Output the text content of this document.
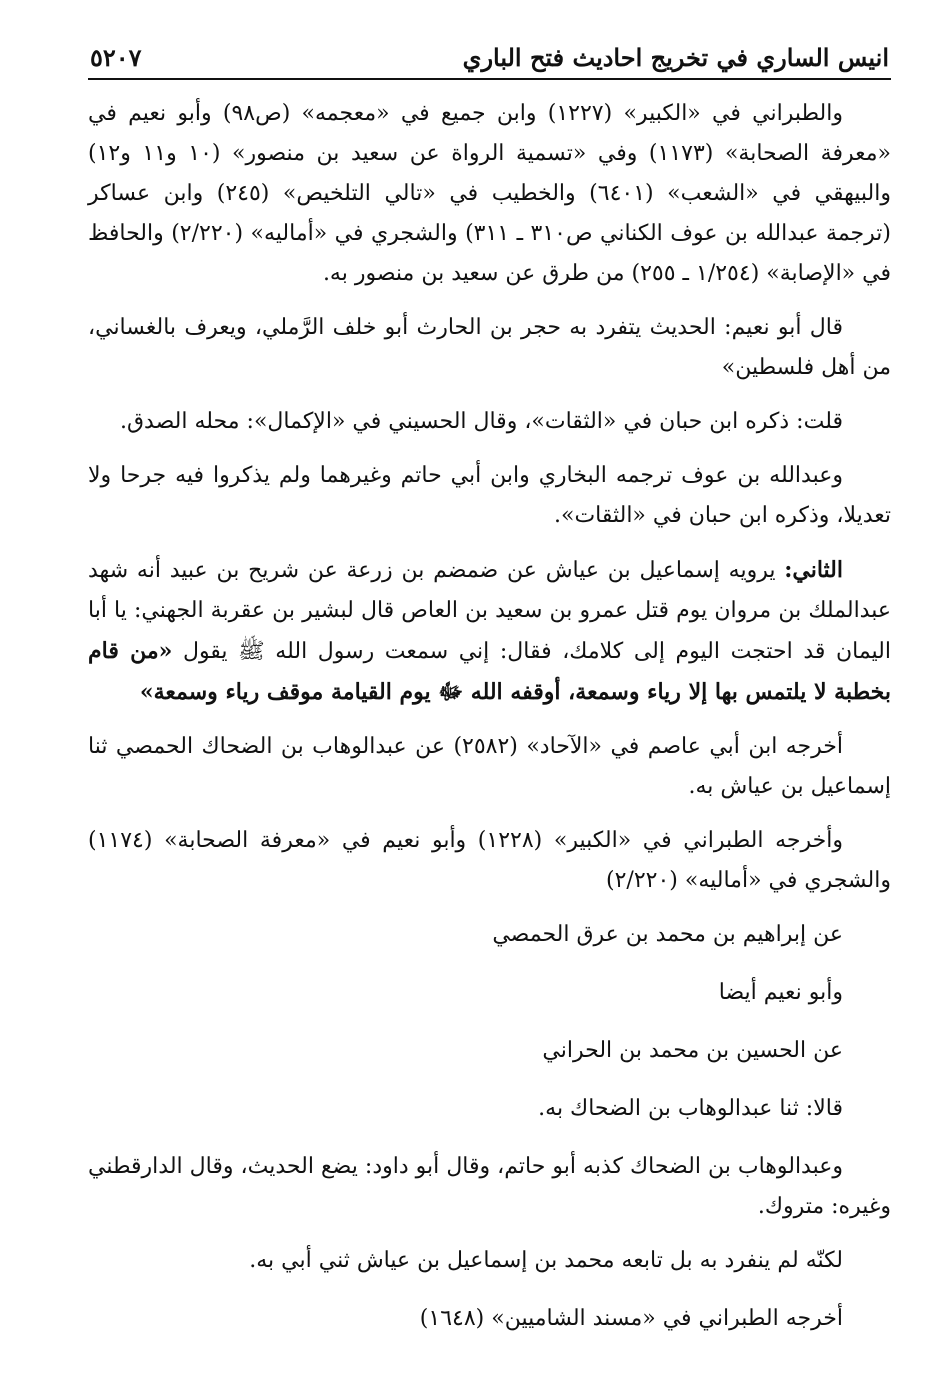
انيس الساري في تخريج احاديث فتح الباري
٥٢٠٧

والطبراني في «الكبير» (١٢٢٧) وابن جميع في «معجمه» (ص٩٨) وأبو نعيم في «معرفة الصحابة» (١١٧٣) وفي «تسمية الرواة عن سعيد بن منصور» (١٠ و١١ و١٢) والبيهقي في «الشعب» (٦٤٠١) والخطيب في «تالي التلخيص» (٢٤٥) وابن عساكر (ترجمة عبدالله بن عوف الكناني ص٣١٠ ـ ٣١١) والشجري في «أماليه» (٢/٢٢٠) والحافظ في «الإصابة» (١/٢٥٤ ـ ٢٥٥) من طرق عن سعيد بن منصور به.

قال أبو نعيم: الحديث يتفرد به حجر بن الحارث أبو خلف الرَّملي، ويعرف بالغساني، من أهل فلسطين»

قلت: ذكره ابن حبان في «الثقات»، وقال الحسيني في «الإكمال»: محله الصدق.

وعبدالله بن عوف ترجمه البخاري وابن أبي حاتم وغيرهما ولم يذكروا فيه جرحا ولا تعديلا، وذكره ابن حبان في «الثقات».

الثاني: يرويه إسماعيل بن عياش عن ضمضم بن زرعة عن شريح بن عبيد أنه شهد عبدالملك بن مروان يوم قتل عمرو بن سعيد بن العاص قال لبشير بن عقربة الجهني: يا أبا اليمان قد احتجت اليوم إلى كلامك، فقال: إني سمعت رسول الله ﷺ يقول «من قام بخطبة لا يلتمس بها إلا رياء وسمعة، أوقفه الله ﷻ يوم القيامة موقف رياء وسمعة»

أخرجه ابن أبي عاصم في «الآحاد» (٢٥٨٢) عن عبدالوهاب بن الضحاك الحمصي ثنا إسماعيل بن عياش به.

وأخرجه الطبراني في «الكبير» (١٢٢٨) وأبو نعيم في «معرفة الصحابة» (١١٧٤) والشجري في «أماليه» (٢/٢٢٠)

عن إبراهيم بن محمد بن عرق الحمصي

وأبو نعيم أيضا

عن الحسين بن محمد بن الحراني

قالا: ثنا عبدالوهاب بن الضحاك به.

وعبدالوهاب بن الضحاك كذبه أبو حاتم، وقال أبو داود: يضع الحديث، وقال الدارقطني وغيره: متروك.

لكنّه لم ينفرد به بل تابعه محمد بن إسماعيل بن عياش ثني أبي به.

أخرجه الطبراني في «مسند الشاميين» (١٦٤٨)
